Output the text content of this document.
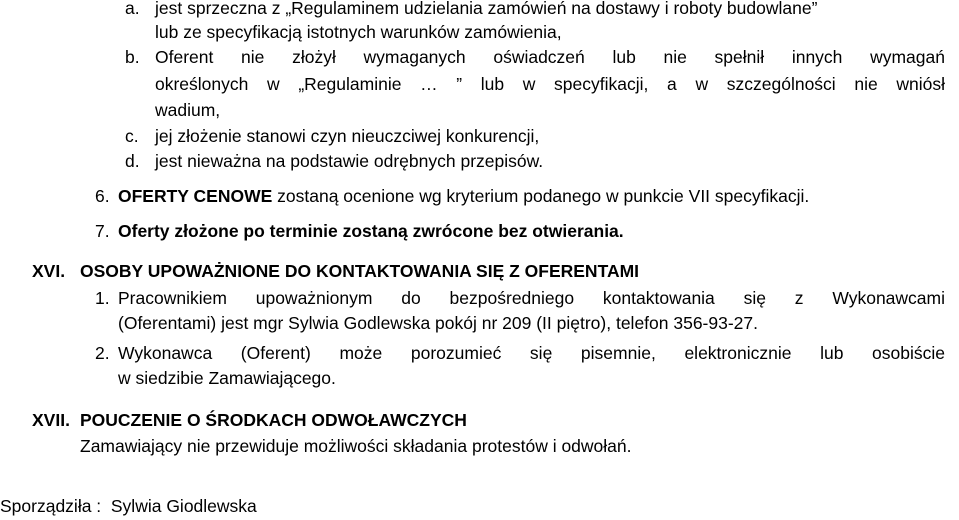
a. jest sprzeczna z „Regulaminem udzielania zamówień na dostawy i roboty budowlane”
lub ze specyfikacją istotnych warunków zamówienia,
b. Oferent nie złożył wymaganych oświadczeń lub nie spełnił innych wymagań
określonych w „Regulaminie … ” lub w specyfikacji, a w szczególności nie wniósł
wadium,
c. jej złożenie stanowi czyn nieuczciwej konkurencji,
d. jest nieważna na podstawie odrębnych przepisów.
6. OFERTY CENOWE zostaną ocenione wg kryterium podanego w punkcie VII specyfikacji.
7. Oferty złożone po terminie zostaną zwrócone bez otwierania.
XVI. OSOBY UPOWAŻNIONE DO KONTAKTOWANIA SIĘ Z OFERENTAMI
1. Pracownikiem upoważnionym do bezpośredniego kontaktowania się z Wykonawcami
(Oferentami) jest mgr Sylwia Godlewska pokój nr 209 (II piętro), telefon 356-93-27.
2. Wykonawca (Oferent) może porozumieć się pisemnie, elektronicznie lub osobiście
w siedzibie Zamawiającego.
XVII. POUCZENIE O ŚRODKACH ODWOŁAWCZYCH
Zamawiający nie przewiduje możliwości składania protestów i odwołań.
Sporządziła :  Sylwia Giodlewska
